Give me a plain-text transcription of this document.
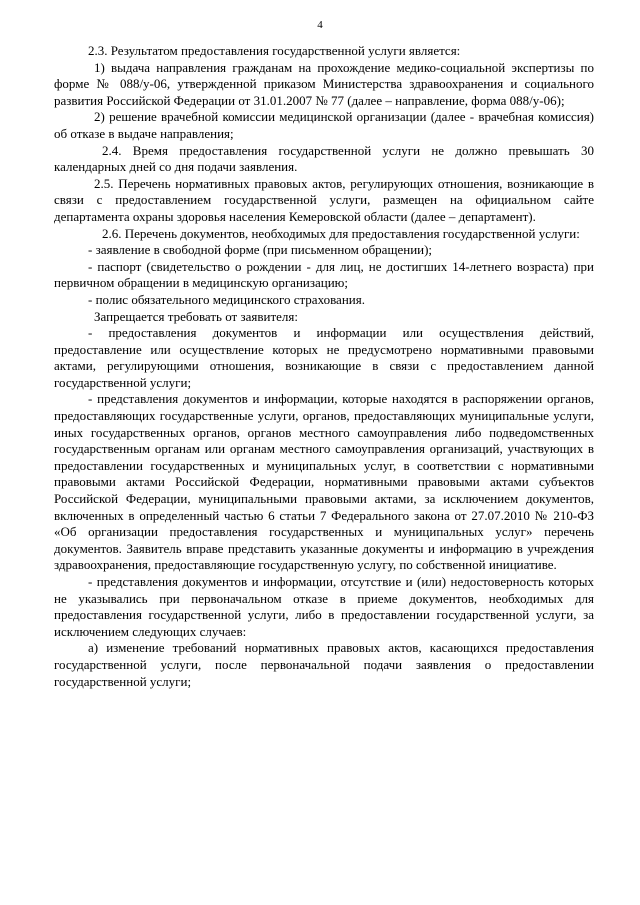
4

2.3. Результатом предоставления государственной услуги является:

1) выдача направления гражданам на прохождение медико-социальной экспертизы по форме № 088/у-06, утвержденной приказом Министерства здравоохранения и социального развития Российской Федерации от 31.01.2007 № 77 (далее – направление, форма 088/у-06);

2) решение врачебной комиссии медицинской организации (далее - врачебная комиссия) об отказе в выдаче направления;

2.4. Время предоставления государственной услуги не должно превышать 30 календарных дней со дня подачи заявления.

2.5. Перечень нормативных правовых актов, регулирующих отношения, возникающие в связи с предоставлением государственной услуги, размещен на официальном сайте департамента охраны здоровья населения Кемеровской области (далее – департамент).

2.6. Перечень документов, необходимых для предоставления государственной услуги:

- заявление в свободной форме (при письменном обращении);

- паспорт (свидетельство о рождении - для лиц, не достигших 14-летнего возраста) при первичном обращении в медицинскую организацию;

- полис обязательного медицинского страхования.

Запрещается требовать от заявителя:

- предоставления документов и информации или осуществления действий, предоставление или осуществление которых не предусмотрено нормативными правовыми актами, регулирующими отношения, возникающие в связи с предоставлением данной государственной услуги;

- представления документов и информации, которые находятся в распоряжении органов, предоставляющих государственные услуги, органов, предоставляющих муниципальные услуги, иных государственных органов, органов местного самоуправления либо подведомственных государственным органам или органам местного самоуправления организаций, участвующих в предоставлении государственных и муниципальных услуг, в соответствии с нормативными правовыми актами Российской Федерации, нормативными правовыми актами субъектов Российской Федерации, муниципальными правовыми актами, за исключением документов, включенных в определенный частью 6 статьи 7 Федерального закона от 27.07.2010 № 210-ФЗ «Об организации предоставления государственных и муниципальных услуг» перечень документов. Заявитель вправе представить указанные документы и информацию в учреждения здравоохранения, предоставляющие государственную услугу, по собственной инициативе.

- представления документов и информации, отсутствие и (или) недостоверность которых не указывались при первоначальном отказе в приеме документов, необходимых для предоставления государственной услуги, либо в предоставлении государственной услуги, за исключением следующих случаев:

а) изменение требований нормативных правовых актов, касающихся предоставления государственной услуги, после первоначальной подачи заявления о предоставлении государственной услуги;
